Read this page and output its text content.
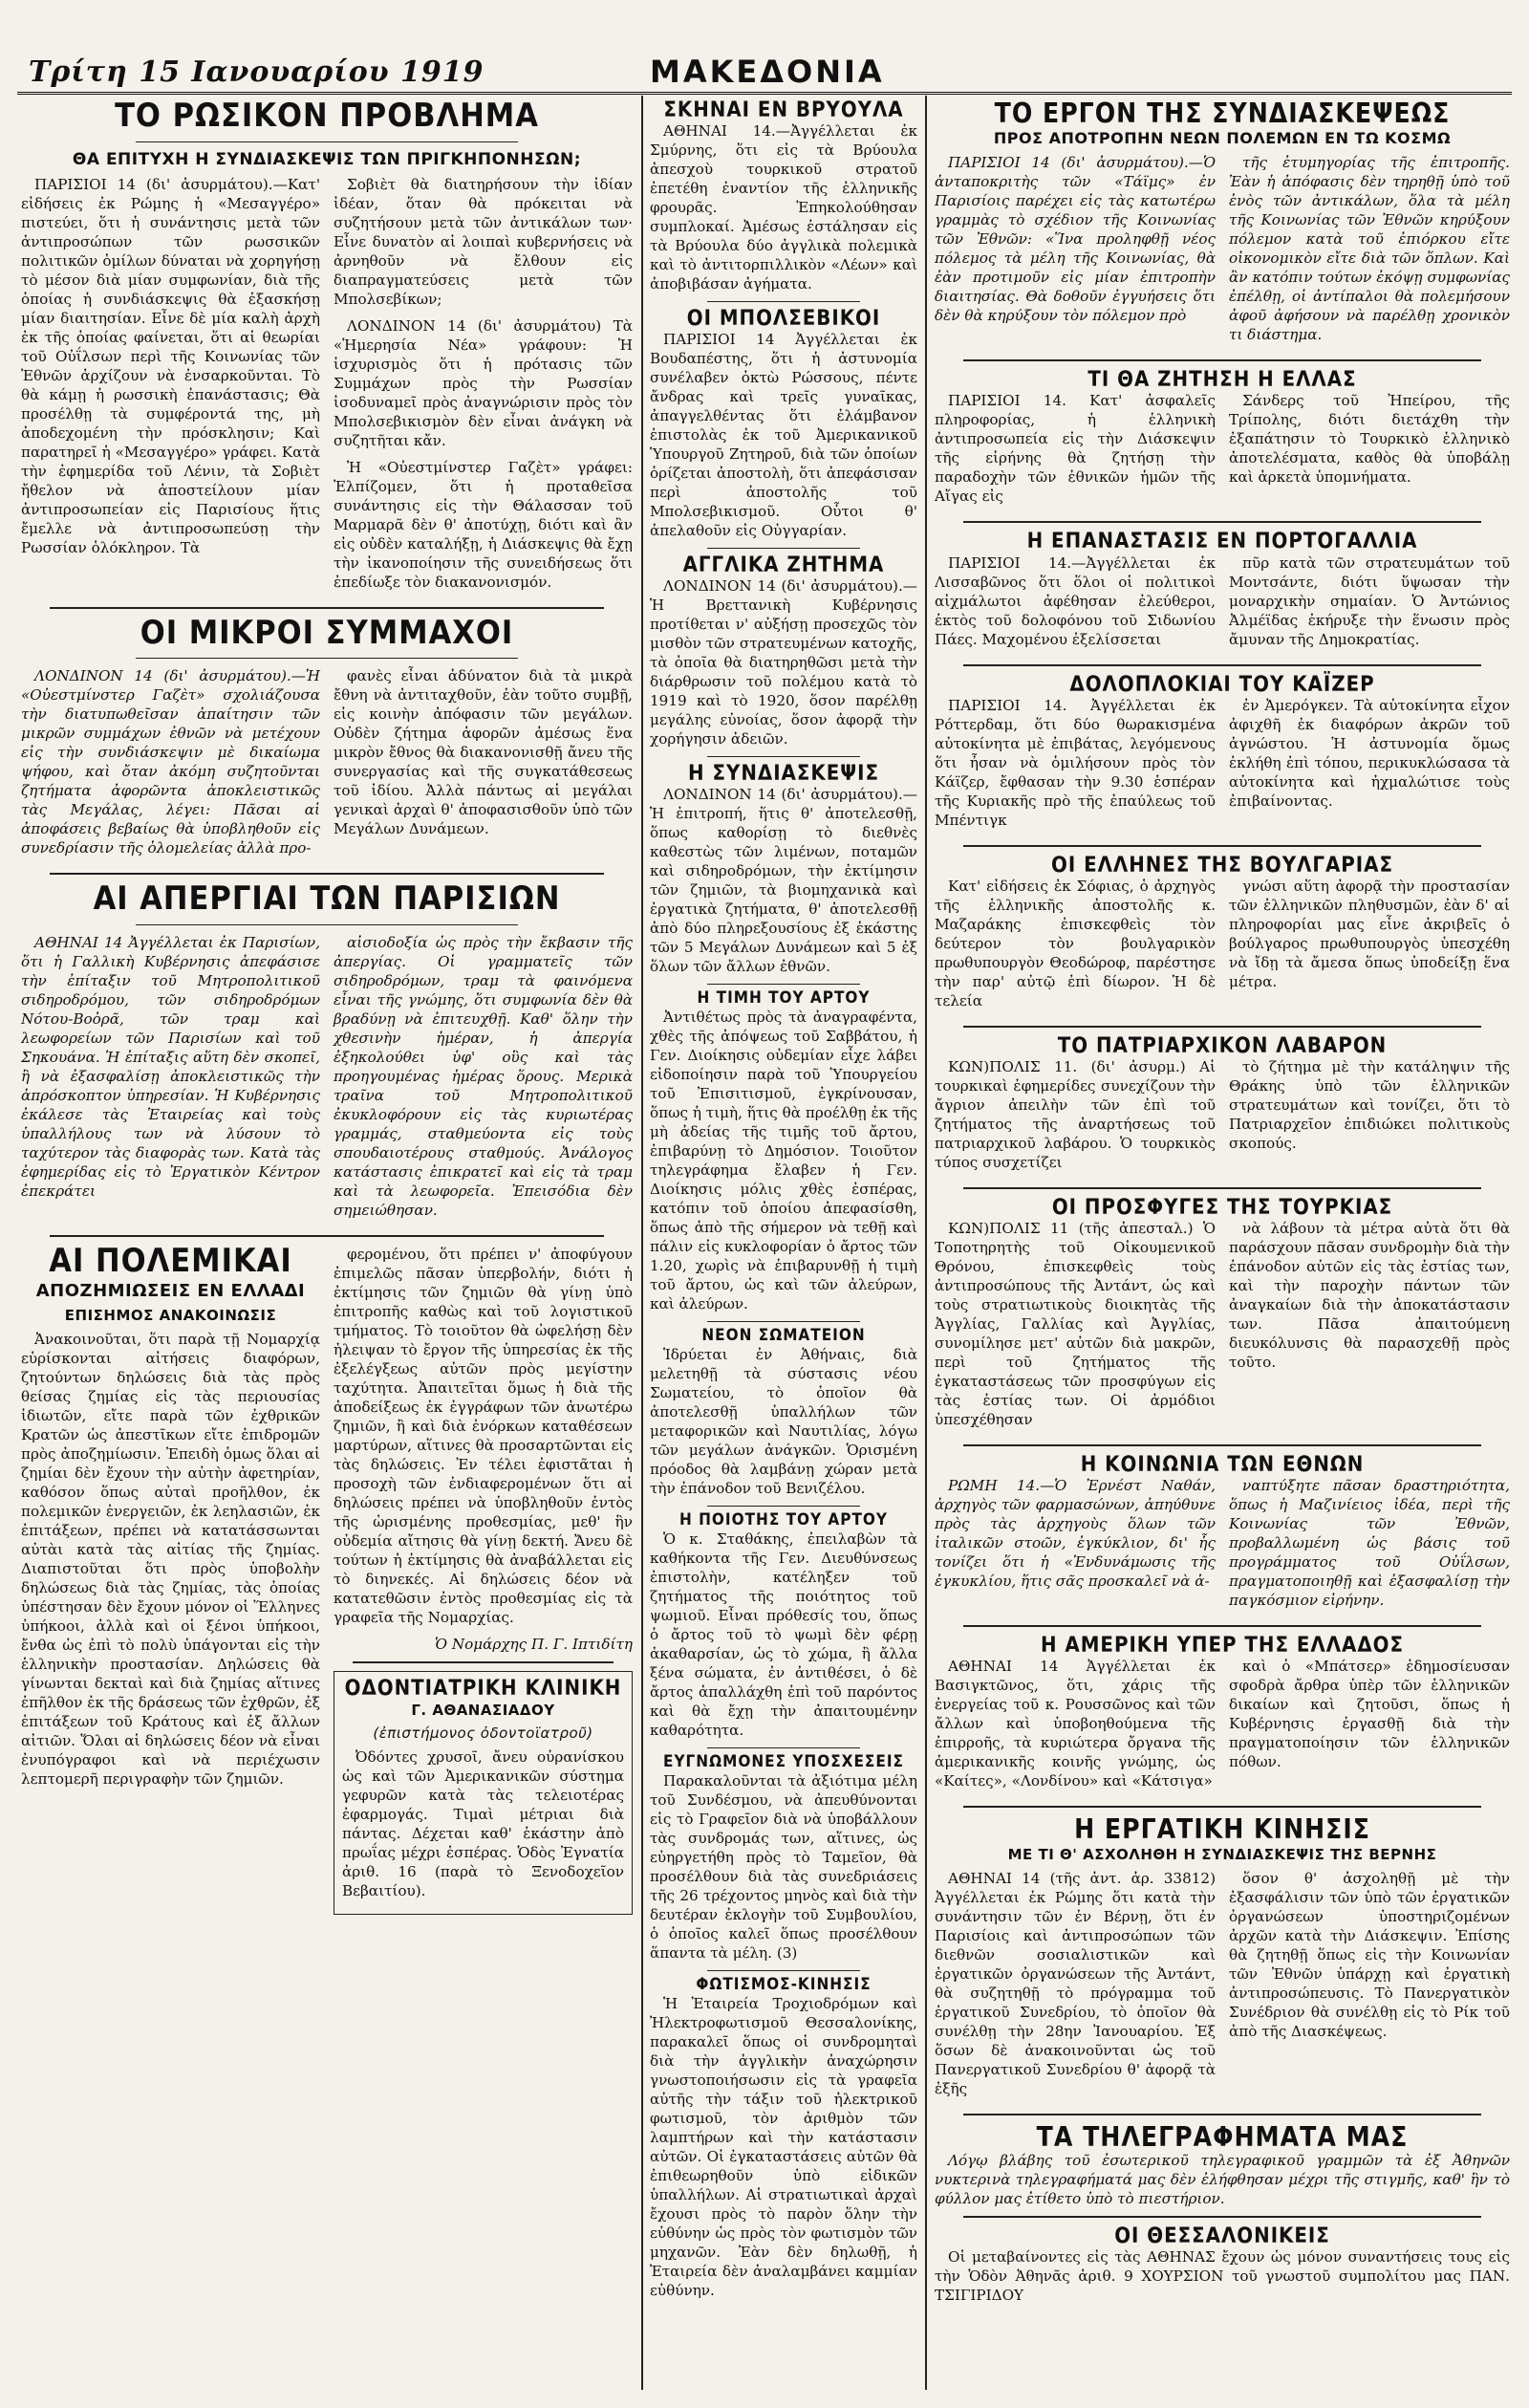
Τρίτη 15 Ιανουαρίου 1919	ΜΑΚΕΔΟΝΙΑ
ΤΟ ΡΩΣΙΚΟΝ ΠΡΟΒΛΗΜΑ
ΘΑ ΕΠΙΤΥΧΗ Η ΣΥΝΔΙΑΣΚΕΨΙΣ ΤΩΝ ΠΡΙΓΚΗΠΟΝΗΣΩΝ;

ΠΑΡΙΣΙΟΙ 14 (δι' ἀσυρμάτου).—Κατ' εἰδήσεις ἐκ Ρώμης ἡ «Μεσαγγέρο» πιστεύει, ὅτι ἡ συνάντησις μετὰ τῶν ἀντιπροσώπων τῶν ρωσσικῶν πολιτικῶν ὁμίλων δύναται νὰ χορηγήσῃ τὸ μέσον διὰ μίαν συμφωνίαν, διὰ τῆς ὁποίας ἡ συνδιάσκεψις θὰ ἐξασκήσῃ μίαν διαιτησίαν. Εἶνε δὲ μία καλὴ ἀρχὴ ἐκ τῆς ὁποίας φαίνεται, ὅτι αἱ θεωρίαι τοῦ Οὐΐλσων περὶ τῆς Κοινωνίας τῶν Ἐθνῶν ἀρχίζουν νὰ ἐνσαρκοῦνται. Τὸ θὰ κάμῃ ἡ ρωσσικὴ ἐπανάστασις; Θὰ προσέλθῃ τὰ συμφέροντά της, μὴ ἀποδεχομένη τὴν πρόσκλησιν; Καὶ παρατηρεῖ ἡ «Μεσαγγέρο» γράφει. Κατὰ τὴν ἐφημερίδα τοῦ Λένιν, τὰ Σοβιὲτ ἤθελον νὰ ἀποστείλουν μίαν ἀντιπροσωπείαν εἰς Παρισίους ἥτις ἔμελλε νὰ ἀντιπροσωπεύσῃ τὴν Ρωσσίαν ὁλόκληρον. Τὰ

Σοβιὲτ θὰ διατηρήσουν τὴν ἰδίαν ἰδέαν, ὅταν θὰ πρόκειται νὰ συζητήσουν μετὰ τῶν ἀντικάλων των· Εἶνε δυνατὸν αἱ λοιπαὶ κυβερνήσεις νὰ ἀρνηθοῦν νὰ ἔλθουν εἰς διαπραγματεύσεις μετὰ τῶν Μπολσεβίκων;

ΛΟΝΔΙΝΟΝ 14 (δι' ἀσυρμάτου) Τὰ «Ἡμερησία Νέα» γράφουν: Ἡ ἰσχυρισμὸς ὅτι ἡ πρότασις τῶν Συμμάχων πρὸς τὴν Ρωσσίαν ἰσοδυναμεῖ πρὸς ἀναγνώρισιν πρὸς τὸν Μπολσεβικισμὸν δὲν εἶναι ἀνάγκη νὰ συζητῆται κἄν.

Ἡ «Οὐεστμίνστερ Γαζὲτ» γράφει: Ἐλπίζομεν, ὅτι ἡ προταθεῖσα συνάντησις εἰς τὴν Θάλασσαν τοῦ Μαρμαρᾶ δὲν θ' ἀποτύχῃ, διότι καὶ ἂν εἰς οὐδὲν καταλήξῃ, ἡ Διάσκεψις θὰ ἔχῃ τὴν ἱκανοποίησιν τῆς συνειδήσεως ὅτι ἐπεδίωξε τὸν διακανονισμόν.

ΟΙ ΜΙΚΡΟΙ ΣΥΜΜΑΧΟΙ

ΛΟΝΔΙΝΟΝ 14 (δι' ἀσυρμάτου).—Ἡ «Οὐεστμίνστερ Γαζὲτ» σχολιάζουσα τὴν διατυπωθεῖσαν ἀπαίτησιν τῶν μικρῶν συμμάχων ἐθνῶν νὰ μετέχουν εἰς τὴν συνδιάσκεψιν μὲ δικαίωμα ψήφου, καὶ ὄταν ἀκόμη συζητοῦνται ζητήματα ἀφορῶντα ἀποκλειστικῶς τὰς Μεγάλας, λέγει: Πᾶσαι αἱ ἀποφάσεις βεβαίως θὰ ὑποβληθοῦν εἰς συνεδρίασιν τῆς ὁλομελείας ἀλλὰ προ-

φανὲς εἶναι ἀδύνατον διὰ τὰ μικρὰ ἔθνη νὰ ἀντιταχθοῦν, ἐὰν τοῦτο συμβῇ, εἰς κοινὴν ἀπόφασιν τῶν μεγάλων. Οὐδὲν ζήτημα ἀφορῶν ἀμέσως ἕνα μικρὸν ἔθνος θὰ διακανονισθῇ ἄνευ τῆς συνεργασίας καὶ τῆς συγκατάθεσεως τοῦ ἰδίου. Ἀλλὰ πάντως αἱ μεγάλαι γενικαὶ ἀρχαὶ θ' ἀποφασισθοῦν ὑπὸ τῶν Μεγάλων Δυνάμεων.

ΑΙ ΑΠΕΡΓΙΑΙ ΤΩΝ ΠΑΡΙΣΙΩΝ

ΑΘΗΝΑΙ 14 Ἀγγέλλεται ἐκ Παρισίων, ὅτι ἡ Γαλλικὴ Κυβέρνησις ἀπεφάσισε τὴν ἐπίταξιν τοῦ Μητροπολιτικοῦ σιδηροδρόμου, τῶν σιδηροδρόμων Νότου-Βοὀρᾶ, τῶν τραμ καὶ λεωφορείων τῶν Παρισίων καὶ τοῦ Σηκουάνα. Ἡ ἐπίταξις αὕτη δὲν σκοπεῖ, ἢ νὰ ἐξασφαλίσῃ ἀποκλειστικῶς τὴν ἀπρόσκοπτον ὑπηρεσίαν. Ἡ Κυβέρνησις ἐκάλεσε τὰς Ἑταιρείας καὶ τοὺς ὑπαλλήλους των νὰ λύσουν τὸ ταχύτερον τὰς διαφορὰς των. Κατὰ τὰς ἐφημερίδας εἰς τὸ Ἐργατικὸν Κέντρον ἐπεκράτει

αἰσιοδοξία ὡς πρὸς τὴν ἔκβασιν τῆς ἀπεργίας. Οἱ γραμματεῖς τῶν σιδηροδρόμων, τραμ τὰ φαινόμενα εἶναι τῆς γνώμης, ὅτι συμφωνία δὲν θὰ βραδύνῃ νὰ ἐπιτευχθῇ. Καθ' ὅλην τὴν χθεσινὴν ἡμέραν, ἡ ἀπεργία ἐξηκολούθει ὑφ' οὓς καὶ τὰς προηγουμένας ἡμέρας ὅρους. Μερικὰ τραῖνα τοῦ Μητροπολιτικοῦ ἐκυκλοφόρουν εἰς τὰς κυριωτέρας γραμμάς, σταθμεύοντα εἰς τοὺς σπουδαιοτέρους σταθμούς. Ἀνάλογος κατάστασις ἐπικρατεῖ καὶ εἰς τὰ τραμ καὶ τὰ λεωφορεῖα. Ἐπεισόδια δὲν σημειώθησαν.

ΑΙ ΠΟΛΕΜΙΚΑΙ
ΑΠΟΖΗΜΙΩΣΕΙΣ ΕΝ ΕΛΛΑΔΙ
ΕΠΙΣΗΜΟΣ ΑΝΑΚΟΙΝΩΣΙΣ

Ἀνακοινοῦται, ὅτι παρὰ τῇ Νομαρχίᾳ εὑρίσκονται αἰτήσεις διαφόρων, ζητούντων δηλώσεις διὰ τὰς πρὸς θείσας ζημίας εἰς τὰς περιουσίας ἰδιωτῶν, εἴτε παρὰ τῶν ἐχθρικῶν Κρατῶν ὡς ἀπεστῖκων εἴτε ἐπιδρομῶν πρὸς ἀποζημίωσιν. Ἐπειδὴ ὁμως ὅλαι αἱ ζημίαι δὲν ἔχουν τὴν αὐτὴν ἀφετηρίαν, καθόσον ὅπως αὐταὶ προῆλθον, ἐκ πολεμικῶν ἐνεργειῶν, ἐκ λεηλασιῶν, ἐκ ἐπιτάξεων, πρέπει νὰ κατατάσσωνται αὐτὰι κατὰ τὰς αἰτίας τῆς ζημίας. Διαπιστοῦται ὅτι πρὸς ὑποβολὴν δηλώσεως διὰ τὰς ζημίας, τὰς ὁποίας ὑπέστησαν δὲν ἔχουν μόνον οἱ Ἕλληνες ὑπήκοοι, ἀλλὰ καὶ οἱ ξένοι ὑπήκοοι, ἔνθα ὡς ἐπὶ τὸ πολὺ ὑπάγονται εἰς τὴν ἑλληνικὴν προστασίαν. Δηλώσεις θὰ γίνωνται δεκταὶ καὶ διὰ ζημίας αἵτινες ἐπῆλθον ἐκ τῆς δράσεως τῶν ἐχθρῶν, ἐξ ἐπιτάξεων τοῦ Κράτους καὶ ἐξ ἄλλων αἰτιῶν. Ὅλαι αἱ δηλώσεις δέον νὰ εἶναι ἐνυπόγραφοι καὶ νὰ περιέχωσιν λεπτομερῆ περιγραφὴν τῶν ζημιῶν.

φερομένου, ὅτι πρέπει ν' ἀποφύγουν ἐπιμελῶς πᾶσαν ὑπερβολήν, διότι ἡ ἐκτίμησις τῶν ζημιῶν θὰ γίνῃ ὑπὸ ἐπιτροπῆς καθὼς καὶ τοῦ λογιστικοῦ τμήματος. Τὸ τοιοῦτον θὰ ὠφελήσῃ δὲν ἠλειψαν τὸ ἔργον τῆς ὑπηρεσίας ἐκ τῆς ἐξελέγξεως αὐτῶν πρὸς μεγίστην ταχύτητα. Ἀπαιτεῖται ὅμως ἡ διὰ τῆς ἀποδείξεως ἐκ ἐγγράφων τῶν ἀνωτέρω ζημιῶν, ἢ καὶ διὰ ἐνόρκων καταθέσεων μαρτύρων, αἵτινες θὰ προσαρτῶνται εἰς τὰς δηλώσεις. Ἐν τέλει ἐφιστᾶται ἡ προσοχὴ τῶν ἐνδιαφερομένων ὅτι αἱ δηλώσεις πρέπει νὰ ὑποβληθοῦν ἐντὸς τῆς ὡρισμένης προθεσμίας, μεθ' ἣν οὐδεμία αἴτησις θὰ γίνῃ δεκτή. Ἄνευ δὲ τούτων ἡ ἐκτίμησις θὰ ἀναβάλλεται εἰς τὸ διηνεκές. Αἱ δηλώσεις δέον νὰ κατατεθῶσιν ἐντὸς προθεσμίας εἰς τὰ γραφεῖα τῆς Νομαρχίας.

Ὁ Νομάρχης Π. Γ. Ιπτιδίτη

ΟΔΟΝΤΙΑΤΡΙΚΗ ΚΛΙΝΙΚΗ
Γ. ΑΘΑΝΑΣΙΑΔΟΥ
(ἐπιστήμονος ὀδοντοϊατροῦ)

Ὀδόντες χρυσοῖ, ἄνευ οὐρανίσκου ὡς καὶ τῶν Ἀμερικανικῶν σύστημα γεφυρῶν κατὰ τὰς τελειοτέρας ἐφαρμογάς. Τιμαὶ μέτριαι διὰ πάντας. Δέχεται καθ' ἑκάστην ἀπὸ πρωΐας μέχρι ἑσπέρας. Ὁδὸς Ἐγνατία ἀριθ. 16 (παρὰ τὸ Ξενοδοχεῖον Βεβαιτίου).

ΣΚΗΝΑΙ ΕΝ ΒΡΥΟΥΛΑ

ΑΘΗΝΑΙ 14.—Ἀγγέλλεται ἐκ Σμύρνης, ὅτι εἰς τὰ Βρύουλα ἀπεσχοὺ τουρκικοῦ στρατοῦ ἐπετέθη ἐναντίον τῆς ἑλληνικῆς φρουρᾶς. Ἐπηκολούθησαν συμπλοκαί. Ἀμέσως ἐστάλησαν εἰς τὰ Βρύουλα δύο ἀγγλικὰ πολεμικὰ καὶ τὸ ἀντιτορπιλλικὸν «Λέων» καὶ ἀποβιβάσαν ἀγήματα.

ΟΙ ΜΠΟΛΣΕΒΙΚΟΙ

ΠΑΡΙΣΙΟΙ 14 Ἀγγέλλεται ἐκ Βουδαπέστης, ὅτι ἡ ἀστυνομία συνέλαβεν ὀκτὼ Ρώσσους, πέντε ἄνδρας καὶ τρεῖς γυναῖκας, ἀπαγγελθέντας ὅτι ἐλάμβανον ἐπιστολὰς ἐκ τοῦ Ἀμερικανικοῦ Ὑπουργοῦ Ζητηροῦ, διὰ τῶν ὁποίων ὁρίζεται ἀποστολὴ, ὅτι ἀπεφάσισαν περὶ ἀποστολῆς τοῦ Μπολσεβικισμοῦ. Οὗτοι θ' ἀπελαθοῦν εἰς Οὐγγαρίαν.

ΑΓΓΛΙΚΑ ΖΗΤΗΜΑ

ΛΟΝΔΙΝΟΝ 14 (δι' ἀσυρμάτου).—Ἡ Βρεττανικὴ Κυβέρνησις προτίθεται ν' αὐξήσῃ προσεχῶς τὸν μισθὸν τῶν στρατευμένων κατοχῆς, τὰ ὁποῖα θὰ διατηρηθῶσι μετὰ τὴν διάρθρωσιν τοῦ πολέμου κατὰ τὸ 1919 καὶ τὸ 1920, ὅσον παρέλθῃ μεγάλης εὐνοίας, ὅσον ἀφορᾷ τὴν χορήγησιν ἀδειῶν.

Η ΣΥΝΔΙΑΣΚΕΨΙΣ

ΛΟΝΔΙΝΟΝ 14 (δι' ἀσυρμάτου).—Ἡ ἐπιτροπή, ἥτις θ' ἀποτελεσθῇ, ὅπως καθορίσῃ τὸ διεθνὲς καθεστὼς τῶν λιμένων, ποταμῶν καὶ σιδηροδρόμων, τὴν ἐκτίμησιν τῶν ζημιῶν, τὰ βιομηχανικὰ καὶ ἐργατικὰ ζητήματα, θ' ἀποτελεσθῇ ἀπὸ δύο πληρεξουσίους ἐξ ἑκάστης τῶν 5 Μεγάλων Δυνάμεων καὶ 5 ἐξ ὅλων τῶν ἄλλων ἐθνῶν.

Η ΤΙΜΗ ΤΟΥ ΑΡΤΟΥ

Ἀντιθέτως πρὸς τὰ ἀναγραφέντα, χθὲς τῆς ἀπόψεως τοῦ Σαββάτου, ἡ Γεν. Διοίκησις οὐδεμίαν εἶχε λάβει εἰδοποίησιν παρὰ τοῦ Ὑπουργείου τοῦ Ἐπισιτισμοῦ, ἐγκρίνουσαν, ὅπως ἡ τιμὴ, ἥτις θὰ προέλθῃ ἐκ τῆς μὴ ἀδείας τῆς τιμῆς τοῦ ἄρτου, ἐπιβαρύνῃ τὸ Δημόσιον. Τοιοῦτον τηλεγράφημα ἔλαβεν ἡ Γεν. Διοίκησις μόλις χθὲς ἐσπέρας, κατόπιν τοῦ ὁποίου ἀπεφασίσθη, ὅπως ἀπὸ τῆς σήμερον νὰ τεθῇ καὶ πάλιν εἰς κυκλοφορίαν ὁ ἄρτος τῶν 1.20, χωρὶς νὰ ἐπιβαρυνθῇ ἡ τιμὴ τοῦ ἄρτου, ὡς καὶ τῶν ἀλεύρων, καὶ ἀλεύρων.

ΝΕΟΝ ΣΩΜΑΤΕΙΟΝ

Ἱδρύεται ἐν Ἀθήναις, διὰ μελετηθῇ τὰ σύστασις νέου Σωματείου, τὸ ὁποῖον θὰ ἀποτελεσθῇ ὑπαλλήλων τῶν μεταφορικῶν καὶ Ναυτιλίας, λόγω τῶν μεγάλων ἀνάγκῶν. Ὁρισμένη πρόοδος θὰ λαμβάνῃ χώραν μετὰ τὴν ἐπάνοδον τοῦ Βενιζέλου.

Η ΠΟΙΟΤΗΣ ΤΟΥ ΑΡΤΟΥ

Ὁ κ. Σταθάκης, ἐπειλαβὼν τὰ καθήκοντα τῆς Γεν. Διευθύνσεως ἐπιστολὴν, κατέληξεν τοῦ ζητήματος τῆς ποιότητος τοῦ ψωμιοῦ. Εἶναι πρόθεσίς του, ὅπως ὁ ἄρτος τοῦ τὸ ψωμὶ δὲν φέρῃ ἀκαθαρσίαν, ὡς τὸ χώμα, ἢ ἄλλα ξένα σώματα, ἐν ἀντιθέσει, ὁ δὲ ἄρτος ἀπαλλάχθη ἐπὶ τοῦ παρόντος καὶ θὰ ἔχῃ τὴν ἀπαιτουμένην καθαρότητα.

ΕΥΓΝΩΜΟΝΕΣ ΥΠΟΣΧΕΣΕΙΣ

Παρακαλοῦνται τὰ ἀξιότιμα μέλη τοῦ Συνδέσμου, νὰ ἀπευθύνονται εἰς τὸ Γραφεῖον διὰ νὰ ὑποβάλλουν τὰς συνδρομάς των, αἵτινες, ὡς εὐηργετήθη πρὸς τὸ Ταμεῖον, θὰ προσέλθουν διὰ τὰς συνεδριάσεις τῆς 26 τρέχοντος μηνὸς καὶ διὰ τὴν δευτέραν ἐκλογὴν τοῦ Συμβουλίου, ὁ ὁποῖος καλεῖ ὅπως προσέλθουν ἅπαντα τὰ μέλη. (3)

ΦΩΤΙΣΜΟΣ-ΚΙΝΗΣΙΣ

Ἡ Ἑταιρεία Τροχιοδρόμων καὶ Ἠλεκτροφωτισμοῦ Θεσσαλονίκης, παρακαλεῖ ὅπως οἱ συνδρομηταὶ διὰ τὴν ἀγγλικὴν ἀναχώρησιν γνωστοποιήσωσιν εἰς τὰ γραφεῖα αὐτῆς τὴν τάξιν τοῦ ἠλεκτρικοῦ φωτισμοῦ, τὸν ἀριθμὸν τῶν λαμπτήρων καὶ τὴν κατάστασιν αὐτῶν. Οἱ ἐγκαταστάσεις αὐτῶν θὰ ἐπιθεωρηθοῦν ὑπὸ εἰδικῶν ὑπαλλήλων. Αἱ στρατιωτικαὶ ἀρχαὶ ἔχουσι πρὸς τὸ παρὸν ὅλην τὴν εὐθύνην ὡς πρὸς τὸν φωτισμὸν τῶν μηχανῶν. Ἐὰν δὲν δηλωθῇ, ἡ Ἑταιρεία δὲν ἀναλαμβάνει καμμίαν εὐθύνην.

ΤΟ ΕΡΓΟΝ ΤΗΣ ΣΥΝΔΙΑΣΚΕΨΕΩΣ
ΠΡΟΣ ΑΠΟΤΡΟΠΗΝ ΝΕΩΝ ΠΟΛΕΜΩΝ ΕΝ ΤΩ ΚΟΣΜΩ

ΠΑΡΙΣΙΟΙ 14 (δι' ἀσυρμάτου).—Ὁ ἀνταποκριτὴς τῶν «Τάϊμς» ἐν Παρισίοις παρέχει εἰς τὰς κατωτέρω γραμμὰς τὸ σχέδιον τῆς Κοινωνίας τῶν Ἐθνῶν: «Ἵνα προληφθῇ νέος πόλεμος τὰ μέλη τῆς Κοινωνίας, θὰ ἐὰν προτιμοῦν εἰς μίαν ἐπιτροπὴν διαιτησίας. Θὰ δοθοῦν ἐγγυήσεις ὅτι δὲν θὰ κηρύξουν τὸν πόλεμον πρὸ

τῆς ἐτυμηγορίας τῆς ἐπιτροπῆς. Ἐὰν ἡ ἀπόφασις δὲν τηρηθῇ ὑπὸ τοῦ ἑνὸς τῶν ἀντικάλων, ὅλα τὰ μέλη τῆς Κοινωνίας τῶν Ἐθνῶν κηρύξουν πόλεμον κατὰ τοῦ ἐπιόρκου εἴτε οἰκονομικὸν εἴτε διὰ τῶν ὅπλων. Καὶ ἂν κατόπιν τούτων ἐκόψῃ συμφωνίας ἐπέλθῃ, οἱ ἀντίπαλοι θὰ πολεμήσουν ἀφοῦ ἀφήσουν νὰ παρέλθῃ χρονικὸν τι διάστημα.

ΤΙ ΘΑ ΖΗΤΗΣΗ Η ΕΛΛΑΣ

ΠΑΡΙΣΙΟΙ 14. Κατ' ἀσφαλεῖς πληροφορίας, ἡ ἑλληνικὴ ἀντιπροσωπεία εἰς τὴν Διάσκεψιν τῆς εἰρήνης θὰ ζητήσῃ τὴν παραδοχὴν τῶν ἐθνικῶν ἡμῶν τῆς Αἴγας εἰς

Σάνδερς τοῦ Ἠπείρου, τῆς Τρίπολης, διότι διετάχθη τὴν ἐξαπάτησιν τὸ Τουρκικὸ ἑλληνικὸ ἀποτελέσματα, καθὸς θὰ ὑποβάλῃ καὶ ἀρκετὰ ὑπομνήματα.

Η ΕΠΑΝΑΣΤΑΣΙΣ ΕΝ ΠΟΡΤΟΓΑΛΛΙΑ

ΠΑΡΙΣΙΟΙ 14.—Ἀγγέλλεται ἐκ Λισσαβῶνος ὅτι ὅλοι οἱ πολιτικοὶ αἰχμάλωτοι ἀφέθησαν ἐλεύθεροι, ἐκτὸς τοῦ δολοφόνου τοῦ Σιδωνίου Πάες. Μαχομένου ἐξελίσσεται

πῦρ κατὰ τῶν στρατευμάτων τοῦ Μοντσάντε, διότι ὕψωσαν τὴν μοναρχικὴν σημαίαν. Ὁ Ἀντώνιος Ἀλμέϊδας ἐκήρυξε τὴν ἕνωσιν πρὸς ἄμυναν τῆς Δημοκρατίας.

ΔΟΛΟΠΛΟΚΙΑΙ ΤΟΥ ΚΑΪΖΕΡ

ΠΑΡΙΣΙΟΙ 14. Ἀγγέλλεται ἐκ Ρόττερδαμ, ὅτι δύο θωρακισμένα αὐτοκίνητα μὲ ἐπιβάτας, λεγόμενους ὅτι ἦσαν νὰ ὁμιλήσουν πρὸς τὸν Κάϊζερ, ἔφθασαν τὴν 9.30 ἑσπέραν τῆς Κυριακῆς πρὸ τῆς ἐπαύλεως τοῦ Μπέντιγκ

ἐν Ἀμερόγκεν. Τὰ αὐτοκίνητα εἶχον ἀφιχθῆ ἐκ διαφόρων ἀκρῶν τοῦ ἀγνώστου. Ἡ ἀστυνομία ὅμως ἐκλήθη ἐπὶ τόπου, περικυκλώσασα τὰ αὐτοκίνητα καὶ ἠχμαλώτισε τοὺς ἐπιβαίνοντας.

ΟΙ ΕΛΛΗΝΕΣ ΤΗΣ ΒΟΥΛΓΑΡΙΑΣ

Κατ' εἰδήσεις ἐκ Σόφιας, ὁ ἀρχηγὸς τῆς ἑλληνικῆς ἀποστολῆς κ. Μαζαράκης ἐπισκεφθεὶς τὸν δεύτερον τὸν βουλγαρικὸν πρωθυπουργὸν Θεοδώροφ, παρέστησε τὴν παρ' αὐτῷ ἐπὶ δίωρον. Ἡ δὲ τελεία

γνώσι αὕτη ἀφορᾷ τὴν προστασίαν τῶν ἑλληνικῶν πληθυσμῶν, ἐὰν δ' αἱ πληροφορίαι μας εἶνε ἀκριβεῖς ὁ βούλγαρος πρωθυπουργὸς ὑπεσχέθη νὰ ἴδῃ τὰ ἄμεσα ὅπως ὑποδείξῃ ἕνα μέτρα.

ΤΟ ΠΑΤΡΙΑΡΧΙΚΟΝ ΛΑΒΑΡΟΝ

ΚΩΝ)ΠΟΛΙΣ 11. (δι' ἀσυρμ.) Αἱ τουρκικαὶ ἐφημερίδες συνεχίζουν τὴν ἄγριον ἀπειλὴν τῶν ἐπὶ τοῦ ζητήματος τῆς ἀναρτήσεως τοῦ πατριαρχικοῦ λαβάρου. Ὁ τουρκικὸς τύπος συσχετίζει

τὸ ζήτημα μὲ τὴν κατάληψιν τῆς Θράκης ὑπὸ τῶν ἑλληνικῶν στρατευμάτων καὶ τονίζει, ὅτι τὸ Πατριαρχεῖον ἐπιδιώκει πολιτικοὺς σκοπούς.

ΟΙ ΠΡΟΣΦΥΓΕΣ ΤΗΣ ΤΟΥΡΚΙΑΣ

ΚΩΝ)ΠΟΛΙΣ 11 (τῆς ἀπεσταλ.) Ὁ Τοποτηρητὴς τοῦ Οἰκουμενικοῦ Θρόνου, ἐπισκεφθεὶς τοὺς ἀντιπροσώπους τῆς Ἀντάντ, ὡς καὶ τοὺς στρατιωτικοὺς διοικητὰς τῆς Ἀγγλίας, Γαλλίας καὶ Ἀγγλίας, συνομίλησε μετ' αὐτῶν διὰ μακρῶν, περὶ τοῦ ζητήματος τῆς ἐγκαταστάσεως τῶν προσφύγων εἰς τὰς ἑστίας των. Οἱ ἀρμόδιοι ὑπεσχέθησαν

νὰ λάβουν τὰ μέτρα αὐτὰ ὅτι θὰ παράσχουν πᾶσαν συνδρομὴν διὰ τὴν ἐπάνοδον αὐτῶν εἰς τὰς ἑστίας των, καὶ τὴν παροχὴν πάντων τῶν ἀναγκαίων διὰ τὴν ἀποκατάστασιν των. Πᾶσα ἀπαιτούμενη διευκόλυνσις θὰ παρασχεθῇ πρὸς τοῦτο.

Η ΚΟΙΝΩΝΙΑ ΤΩΝ ΕΘΝΩΝ

ΡΩΜΗ 14.—Ὁ Ἐρνέστ Ναθάν, ἀρχηγὸς τῶν φαρμασώνων, ἀπηύθυνε πρὸς τὰς ἀρχηγοὺς ὅλων τῶν ἰταλικῶν στοῶν, ἐγκύκλιον, δι' ἧς τονίζει ὅτι ἡ «Ἐνδυνάμωσις τῆς ἐγκυκλίου, ἥτις σᾶς προσκαλεῖ νὰ ἀ-

ναπτύξητε πᾶσαν δραστηριότητα, ὅπως ἡ Μαζινίειος ἰδέα, περὶ τῆς Κοινωνίας τῶν Ἐθνῶν, προβαλλωμένη ὡς βάσις τοῦ προγράμματος τοῦ Οὐΐλσων, πραγματοποιηθῇ καὶ ἐξασφαλίσῃ τὴν παγκόσμιον εἰρήνην.

Η ΑΜΕΡΙΚΗ ΥΠΕΡ ΤΗΣ ΕΛΛΑΔΟΣ

ΑΘΗΝΑΙ 14 Ἀγγέλλεται ἐκ Βασιγκτῶνος, ὅτι, χάρις τῆς ἐνεργείας τοῦ κ. Ρουσσῶνος καὶ τῶν ἄλλων καὶ ὑποβοηθούμενα τῆς ἐπιρροῆς, τὰ κυριώτερα ὄργανα τῆς ἀμερικανικῆς κοινῆς γνώμης, ὡς «Καίτες», «Λονδίνου» καὶ «Κάτσιγα»

καὶ ὁ «Μπάτσερ» ἐδημοσίευσαν σφοδρὰ ἄρθρα ὑπὲρ τῶν ἑλληνικῶν δικαίων καὶ ζητοῦσι, ὅπως ἡ Κυβέρνησις ἐργασθῇ διὰ τὴν πραγματοποίησιν τῶν ἑλληνικῶν πόθων.

Η ΕΡΓΑΤΙΚΗ ΚΙΝΗΣΙΣ
ΜΕ ΤΙ Θ' ΑΣΧΟΛΗΘΗ Η ΣΥΝΔΙΑΣΚΕΨΙΣ ΤΗΣ ΒΕΡΝΗΣ

ΑΘΗΝΑΙ 14 (τῆς ἀντ. ἀρ. 33812) Ἀγγέλλεται ἐκ Ρώμης ὅτι κατὰ τὴν συνάντησιν τῶν ἐν Βέρνῃ, ὅτι ἐν Παρισίοις καὶ ἀντιπροσώπων τῶν διεθνῶν σοσιαλιστικῶν καὶ ἐργατικῶν ὀργανώσεων τῆς Ἀντάντ, θὰ συζητηθῇ τὸ πρόγραμμα τοῦ ἐργατικοῦ Συνεδρίου, τὸ ὁποῖον θὰ συνέλθῃ τὴν 28ην Ἰανουαρίου. Ἐξ ὅσων δὲ ἀνακοινοῦνται ὡς τοῦ Πανεργατικοῦ Συνεδρίου θ' ἀφορᾷ τὰ ἑξῆς

ὅσον θ' ἀσχοληθῇ μὲ τὴν ἐξασφάλισιν τῶν ὑπὸ τῶν ἐργατικῶν ὀργανώσεων ὑποστηριζομένων ἀρχῶν κατὰ τὴν Διάσκεψιν. Ἐπίσης θὰ ζητηθῇ ὅπως εἰς τὴν Κοινωνίαν τῶν Ἐθνῶν ὑπάρχῃ καὶ ἐργατικὴ ἀντιπροσώπευσις. Τὸ Πανεργατικὸν Συνέδριον θὰ συνέλθῃ εἰς τὸ Ρίκ τοῦ ἀπὸ τῆς Διασκέψεως.

ΤΑ ΤΗΛΕΓΡΑΦΗΜΑΤΑ ΜΑΣ

Λόγῳ βλάβης τοῦ ἐσωτερικοῦ τηλεγραφικοῦ γραμμῶν τὰ ἐξ Ἀθηνῶν νυκτερινὰ τηλεγραφήματά μας δὲν ἐλήφθησαν μέχρι τῆς στιγμῆς, καθ' ἣν τὸ φύλλον μας ἐτίθετο ὑπὸ τὸ πιεστήριον.

ΟΙ ΘΕΣΣΑΛΟΝΙΚΕΙΣ

Οἱ μεταβαίνοντες εἰς τὰς ΑΘΗΝΑΣ ἔχουν ὡς μόνον συναντήσεις τους εἰς τὴν Ὁδὸν Ἀθηνᾶς ἀριθ. 9 ΧΟΥΡΣΙΟΝ τοῦ γνωστοῦ συμπολίτου μας ΠΑΝ. ΤΣΙΓΙΡΙΔΟΥ
